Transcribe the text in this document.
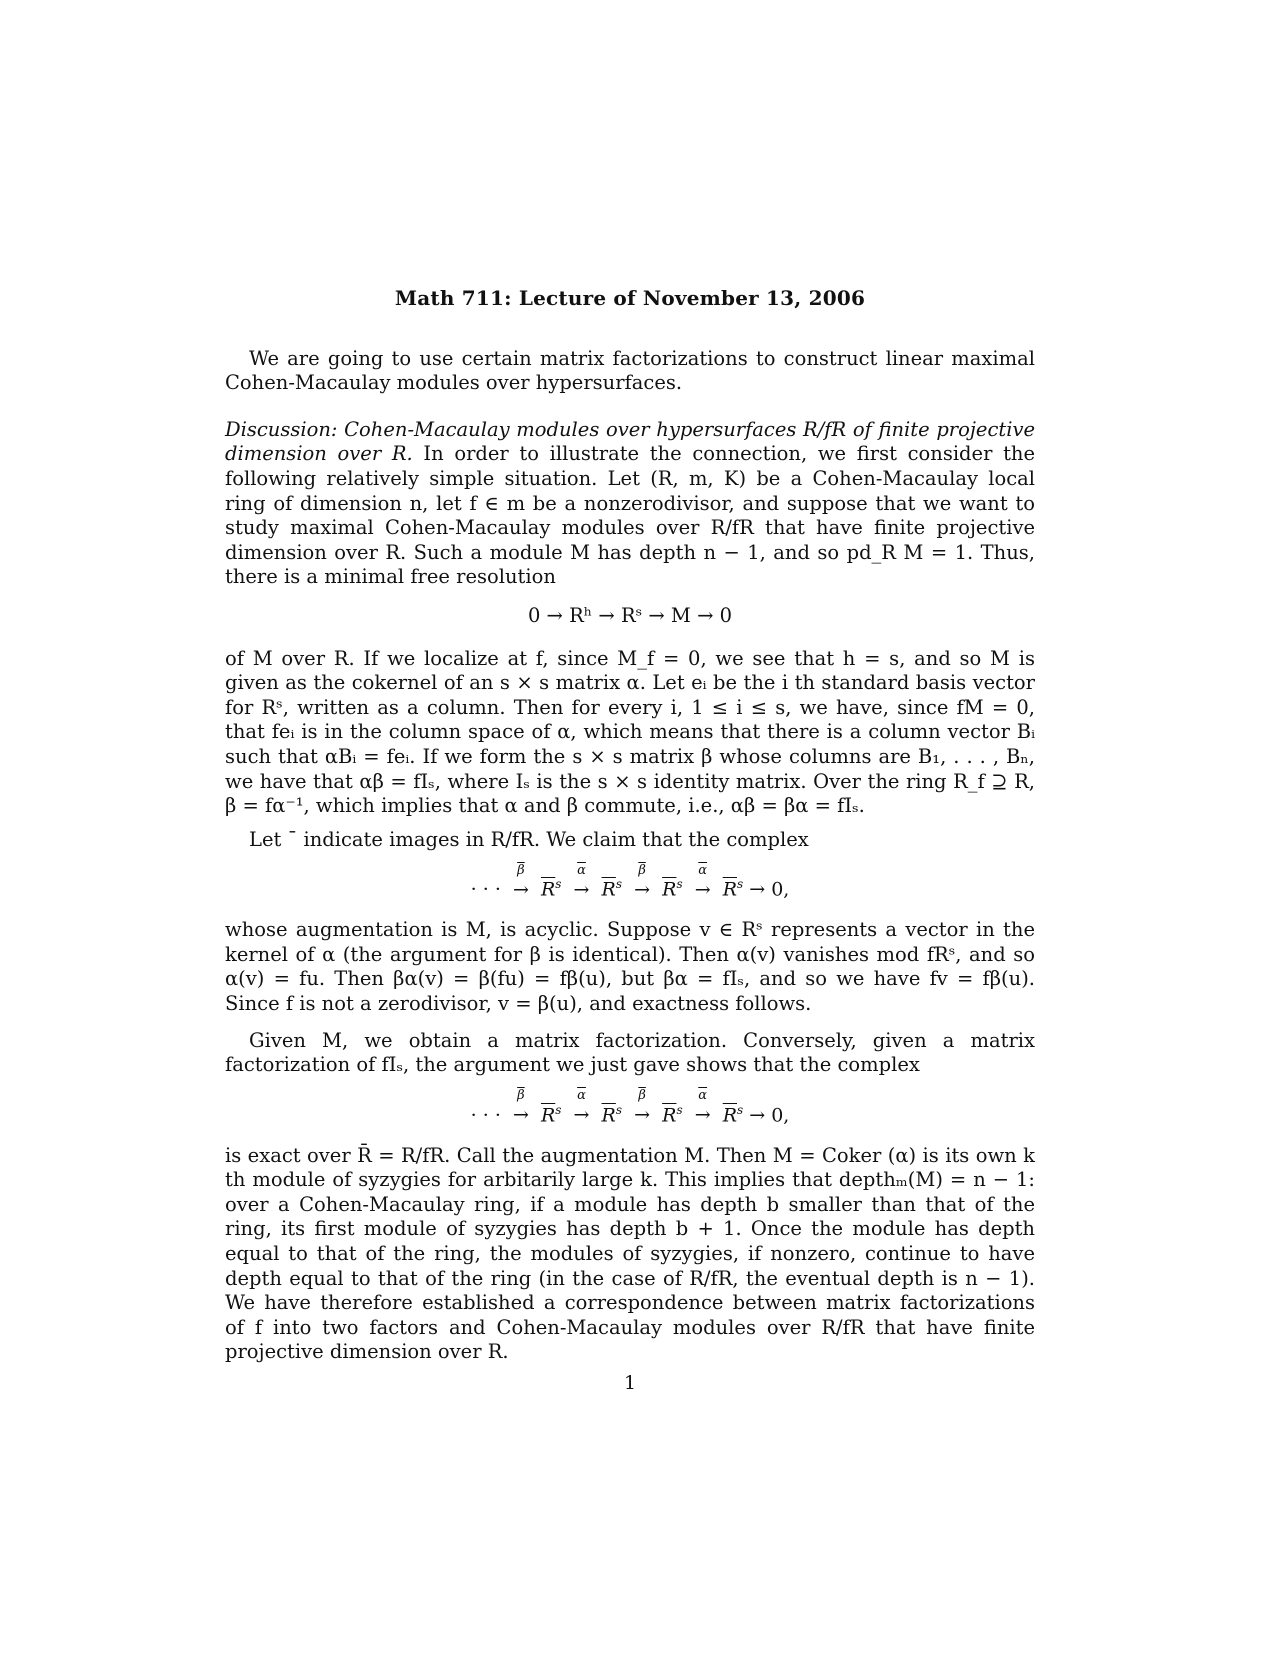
Math 711: Lecture of November 13, 2006

We are going to use certain matrix factorizations to construct linear maximal Cohen-Macaulay modules over hypersurfaces.

Discussion: Cohen-Macaulay modules over hypersurfaces R/fR of finite projective dimension over R. In order to illustrate the connection, we first consider the following relatively simple situation. Let (R, m, K) be a Cohen-Macaulay local ring of dimension n, let f ∈ m be a nonzerodivisor, and suppose that we want to study maximal Cohen-Macaulay modules over R/fR that have finite projective dimension over R. Such a module M has depth n − 1, and so pd_R M = 1. Thus, there is a minimal free resolution

0 → Rʰ → Rˢ → M → 0

of M over R. If we localize at f, since M_f = 0, we see that h = s, and so M is given as the cokernel of an s × s matrix α. Let eᵢ be the i th standard basis vector for Rˢ, written as a column. Then for every i, 1 ≤ i ≤ s, we have, since fM = 0, that feᵢ is in the column space of α, which means that there is a column vector Bᵢ such that αBᵢ = feᵢ. If we form the s × s matrix β whose columns are B₁, . . . , Bₙ, we have that αβ = fIₛ, where Iₛ is the s × s identity matrix. Over the ring R_f ⊇ R, β = fα⁻¹, which implies that α and β commute, i.e., αβ = βα = fIₛ.

Let ¯ indicate images in R/fR. We claim that the complex

· · ·
$\overline{\beta}$
→ $\overline{R}^s$
$\overline{\alpha}$
→ $\overline{R}^s$
$\overline{\beta}$
→ $\overline{R}^s$
$\overline{\alpha}$
→ $\overline{R}^s \to 0$,

whose augmentation is M, is acyclic. Suppose v ∈ Rˢ represents a vector in the kernel of α (the argument for β is identical). Then α(v) vanishes mod fRˢ, and so α(v) = fu. Then βα(v) = β(fu) = fβ(u), but βα = fIₛ, and so we have fv = fβ(u). Since f is not a zerodivisor, v = β(u), and exactness follows.

Given M, we obtain a matrix factorization. Conversely, given a matrix factorization of fIₛ, the argument we just gave shows that the complex

· · ·
$\overline{\beta}$
→ $\overline{R}^s$
$\overline{\alpha}$
→ $\overline{R}^s$
$\overline{\beta}$
→ $\overline{R}^s$
$\overline{\alpha}$
→ $\overline{R}^s \to 0$,

is exact over R̄ = R/fR. Call the augmentation M. Then M = Coker (α) is its own k th module of syzygies for arbitarily large k. This implies that depthₘ(M) = n − 1: over a Cohen-Macaulay ring, if a module has depth b smaller than that of the ring, its first module of syzygies has depth b + 1. Once the module has depth equal to that of the ring, the modules of syzygies, if nonzero, continue to have depth equal to that of the ring (in the case of R/fR, the eventual depth is n − 1). We have therefore established a correspondence between matrix factorizations of f into two factors and Cohen-Macaulay modules over R/fR that have finite projective dimension over R.

1
